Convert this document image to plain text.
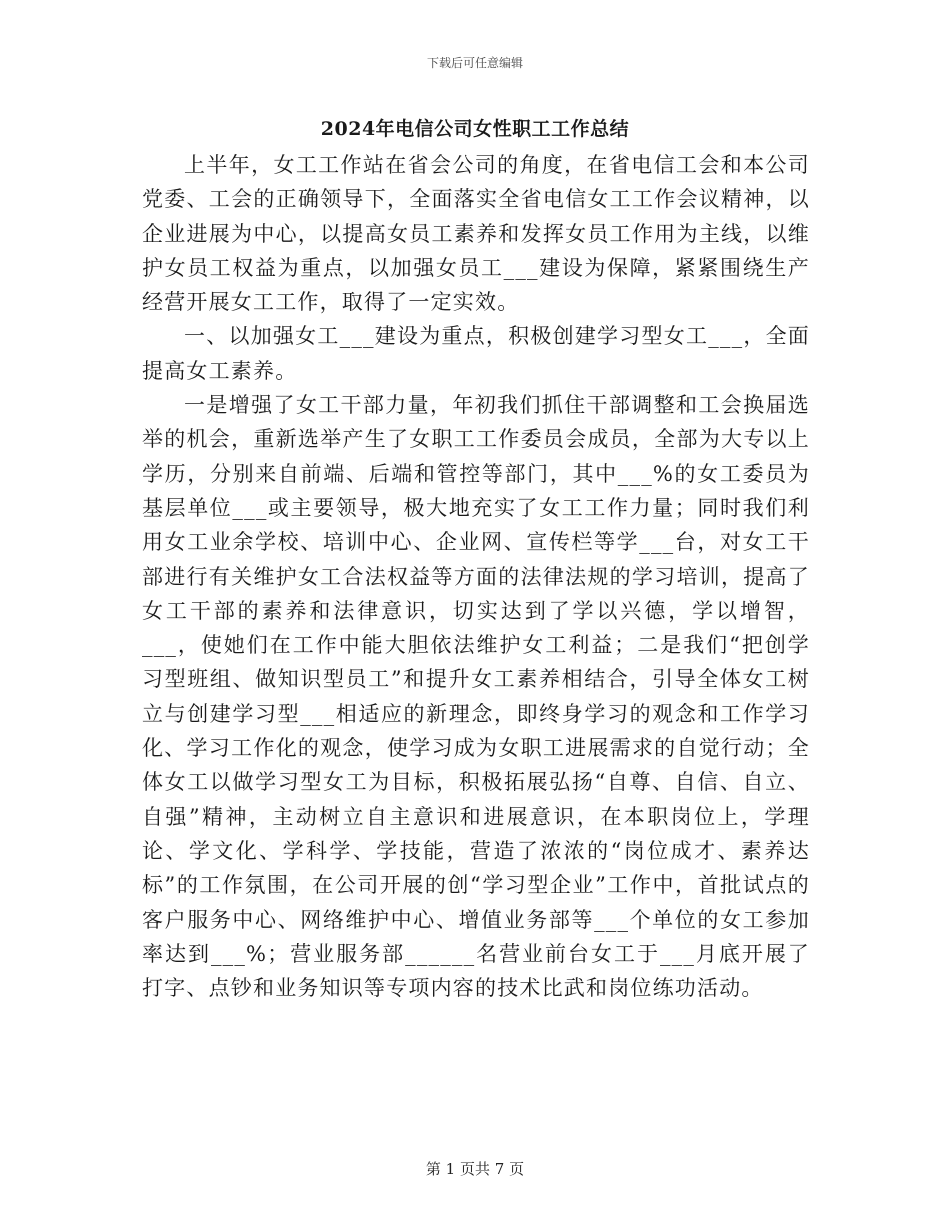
下载后可任意编辑
2024年电信公司女性职工工作总结

上半年，女工工作站在省会公司的角度，在省电信工会和本公司党委、工会的正确领导下，全面落实全省电信女工工作会议精神，以企业进展为中心，以提高女员工素养和发挥女员工作用为主线，以维护女员工权益为重点，以加强女员工___建设为保障，紧紧围绕生产经营开展女工工作，取得了一定实效。

一、以加强女工___建设为重点，积极创建学习型女工___，全面提高女工素养。

一是增强了女工干部力量，年初我们抓住干部调整和工会换届选举的机会，重新选举产生了女职工工作委员会成员，全部为大专以上学历，分别来自前端、后端和管控等部门，其中___%的女工委员为基层单位___或主要领导，极大地充实了女工工作力量；同时我们利用女工业余学校、培训中心、企业网、宣传栏等学___台，对女工干部进行有关维护女工合法权益等方面的法律法规的学习培训，提高了女工干部的素养和法律意识，切实达到了学以兴德，学以增智，___，使她们在工作中能大胆依法维护女工利益；二是我们“把创学习型班组、做知识型员工”和提升女工素养相结合，引导全体女工树立与创建学习型___相适应的新理念，即终身学习的观念和工作学习化、学习工作化的观念，使学习成为女职工进展需求的自觉行动；全体女工以做学习型女工为目标，积极拓展弘扬“自尊、自信、自立、自强”精神，主动树立自主意识和进展意识，在本职岗位上，学理论、学文化、学科学、学技能，营造了浓浓的“岗位成才、素养达标”的工作氛围，在公司开展的创“学习型企业”工作中，首批试点的客户服务中心、网络维护中心、增值业务部等___个单位的女工参加率达到___%；营业服务部______名营业前台女工于___月底开展了打字、点钞和业务知识等专项内容的技术比武和岗位练功活动。

第 1 页共 7 页
